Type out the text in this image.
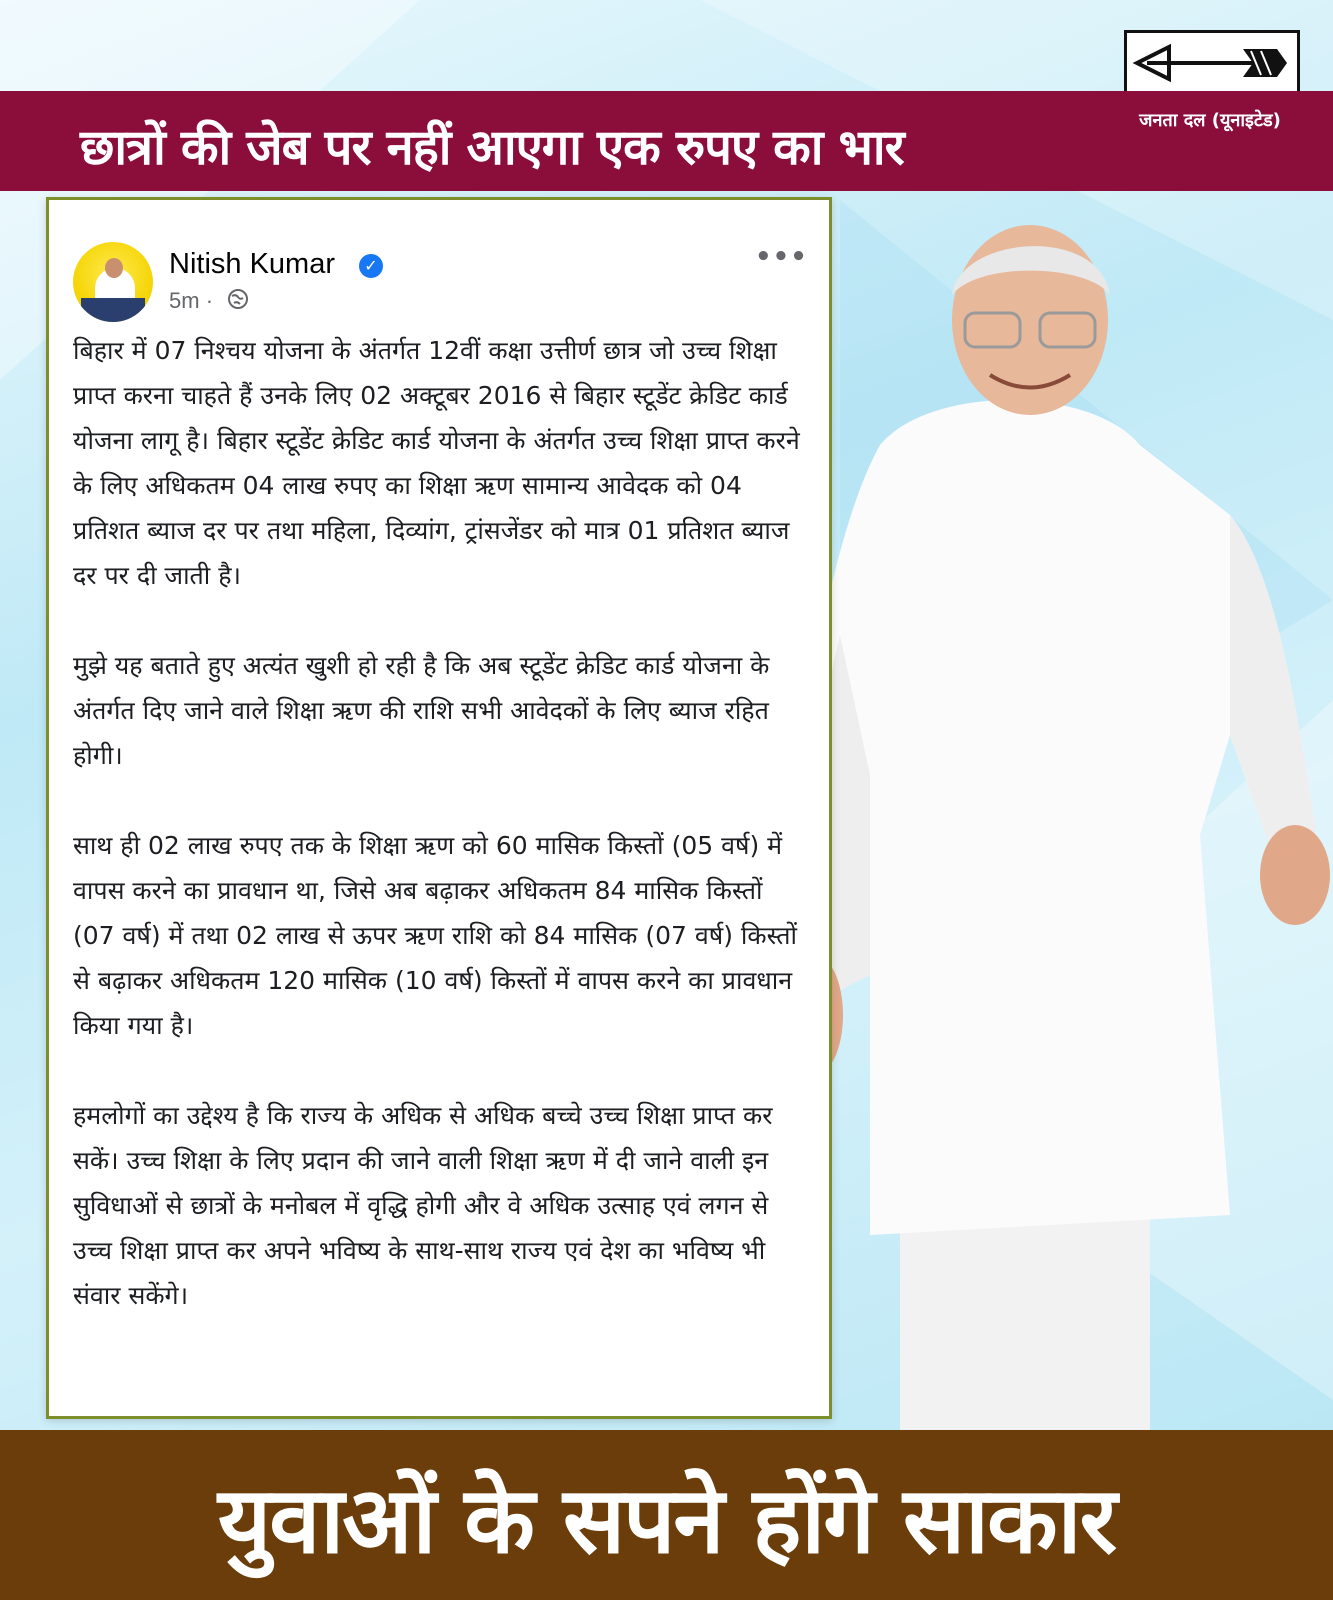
छात्रों की जेब पर नहीं आएगा एक रुपए का भार	जनता दल (यूनाइटेड)
Nitish Kumar	✓
5m ·
•••

बिहार में 07 निश्चय योजना के अंतर्गत 12वीं कक्षा उत्तीर्ण छात्र जो उच्च शिक्षा प्राप्त करना चाहते हैं उनके लिए 02 अक्टूबर 2016 से बिहार स्टूडेंट क्रेडिट कार्ड योजना लागू है। बिहार स्टूडेंट क्रेडिट कार्ड योजना के अंतर्गत उच्च शिक्षा प्राप्त करने के लिए अधिकतम 04 लाख रुपए का शिक्षा ऋण सामान्य आवेदक को 04 प्रतिशत ब्याज दर पर तथा महिला, दिव्यांग, ट्रांसजेंडर को मात्र 01 प्रतिशत ब्याज दर पर दी जाती है।

मुझे यह बताते हुए अत्यंत खुशी हो रही है कि अब स्टूडेंट क्रेडिट कार्ड योजना के अंतर्गत दिए जाने वाले शिक्षा ऋण की राशि सभी आवेदकों के लिए ब्याज रहित होगी।

साथ ही 02 लाख रुपए तक के शिक्षा ऋण को 60 मासिक किस्तों (05 वर्ष) में वापस करने का प्रावधान था, जिसे अब बढ़ाकर अधिकतम 84 मासिक किस्तों (07 वर्ष) में तथा 02 लाख से ऊपर ऋण राशि को 84 मासिक (07 वर्ष) किस्तों से बढ़ाकर अधिकतम 120 मासिक (10 वर्ष) किस्तों में वापस करने का प्रावधान किया गया है।

हमलोगों का उद्देश्य है कि राज्य के अधिक से अधिक बच्चे उच्च शिक्षा प्राप्त कर सकें। उच्च शिक्षा के लिए प्रदान की जाने वाली शिक्षा ऋण में दी जाने वाली इन सुविधाओं से छात्रों के मनोबल में वृद्धि होगी और वे अधिक उत्साह एवं लगन से उच्च शिक्षा प्राप्त कर अपने भविष्य के साथ-साथ राज्य एवं देश का भविष्य भी संवार सकेंगे।

युवाओं के सपने होंगे साकार
